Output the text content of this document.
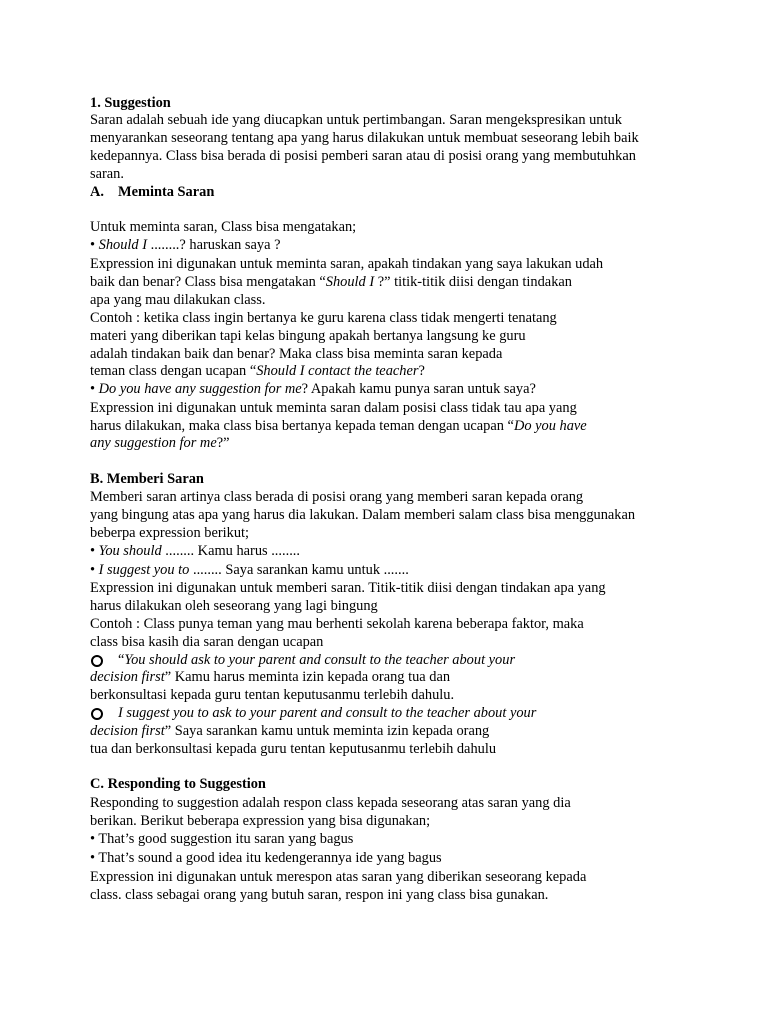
1. Suggestion
Saran adalah sebuah ide yang diucapkan untuk pertimbangan. Saran mengekspresikan untuk
menyarankan seseorang tentang apa yang harus dilakukan untuk membuat seseorang lebih baik
kedepannya. Class bisa berada di posisi pemberi saran atau di posisi orang yang membutuhkan
saran.
A. Meminta Saran
Untuk meminta saran, Class bisa mengatakan;
• Should I ........? haruskan saya ?
Expression ini digunakan untuk meminta saran, apakah tindakan yang saya lakukan udah
baik dan benar? Class bisa mengatakan “Should I ?” titik-titik diisi dengan tindakan
apa yang mau dilakukan class.
Contoh : ketika class ingin bertanya ke guru karena class tidak mengerti tenatang
materi yang diberikan tapi kelas bingung apakah bertanya langsung ke guru
adalah tindakan baik dan benar? Maka class bisa meminta saran kepada
teman class dengan ucapan “Should I contact the teacher?
• Do you have any suggestion for me? Apakah kamu punya saran untuk saya?
Expression ini digunakan untuk meminta saran dalam posisi class tidak tau apa yang
harus dilakukan, maka class bisa bertanya kepada teman dengan ucapan “Do you have
any suggestion for me?”
B. Memberi Saran
Memberi saran artinya class berada di posisi orang yang memberi saran kepada orang
yang bingung atas apa yang harus dia lakukan. Dalam memberi salam class bisa menggunakan
beberpa expression berikut;
• You should ........ Kamu harus ........
• I suggest you to ........ Saya sarankan kamu untuk .......
Expression ini digunakan untuk memberi saran. Titik-titik diisi dengan tindakan apa yang
harus dilakukan oleh seseorang yang lagi bingung
Contoh : Class punya teman yang mau berhenti sekolah karena beberapa faktor, maka
class bisa kasih dia saran dengan ucapan
“You should ask to your parent and consult to the teacher about your
decision first” Kamu harus meminta izin kepada orang tua dan
berkonsultasi kepada guru tentan keputusanmu terlebih dahulu.
I suggest you to ask to your parent and consult to the teacher about your
decision first” Saya sarankan kamu untuk meminta izin kepada orang
tua dan berkonsultasi kepada guru tentan keputusanmu terlebih dahulu
C. Responding to Suggestion
Responding to suggestion adalah respon class kepada seseorang atas saran yang dia
berikan. Berikut beberapa expression yang bisa digunakan;
• That’s good suggestion itu saran yang bagus
• That’s sound a good idea itu kedengerannya ide yang bagus
Expression ini digunakan untuk merespon atas saran yang diberikan seseorang kepada
class. class sebagai orang yang butuh saran, respon ini yang class bisa gunakan.
